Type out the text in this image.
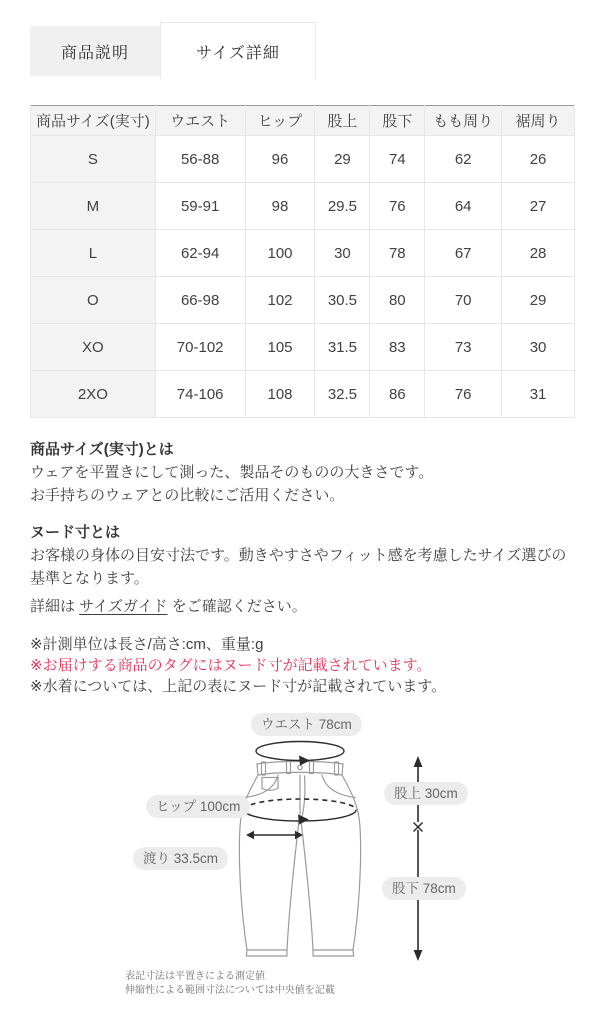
商品説明	サイズ詳細
商品サイズ(実寸)	ウエスト	ヒップ	股上	股下	もも周り	裾周り
S	56-88	96	29	74	62	26
M	59-91	98	29.5	76	64	27
L	62-94	100	30	78	67	28
O	66-98	102	30.5	80	70	29
XO	70-102	105	31.5	83	73	30
2XO	74-106	108	32.5	86	76	31
商品サイズ(実寸)とは
ウェアを平置きにして測った、製品そのものの大きさです。
お手持ちのウェアとの比較にご活用ください。
ヌード寸とは
お客様の身体の目安寸法です。動きやすさやフィット感を考慮したサイズ選びの基準となります。
詳細は サイズガイド をご確認ください。
※計測単位は長さ/高さ:cm、重量:g
※お届けする商品のタグにはヌード寸が記載されています。
※水着については、上記の表にヌード寸が記載されています。
ウエスト 78cm
ヒップ 100cm
渡り 33.5cm
股上 30cm
股下 78cm
表記寸法は平置きによる測定値
伸縮性による範囲寸法については中央値を記載
